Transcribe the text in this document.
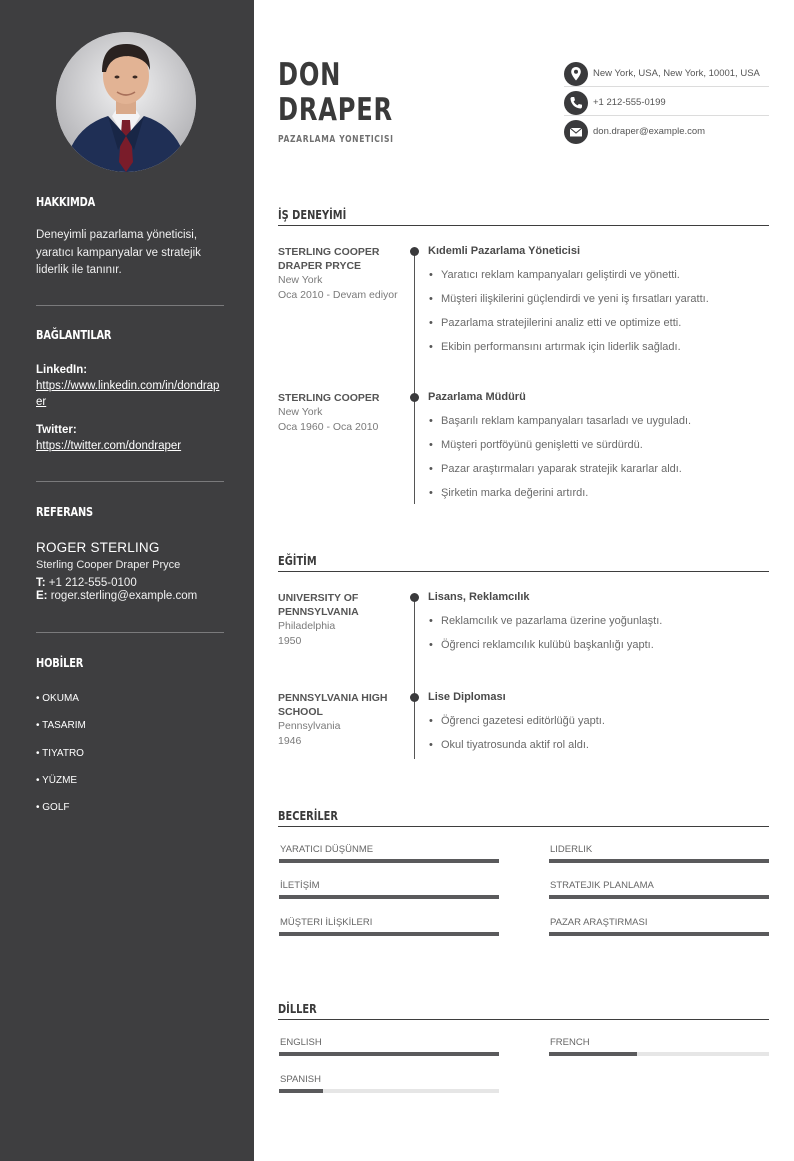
HAKKIMDA
Deneyimli pazarlama yöneticisi, yaratıcı kampanyalar ve stratejik liderlik ile tanınır.
BAĞLANTILAR
LinkedIn:
https://www.linkedin.com/in/dondraper
Twitter:
https://twitter.com/dondraper
REFERANS
ROGER STERLING
Sterling Cooper Draper Pryce
T: +1 212-555-0100
E: roger.sterling@example.com
HOBİLER
• OKUMA
• TASARIM
• TIYATRO
• YÜZME
• GOLF
DON
DRAPER
PAZARLAMA YÖNETICISI
New York, USA, New York, 10001, USA
+1 212-555-0199
don.draper@example.com
İŞ DENEYİMİ
STERLING COOPER DRAPER PRYCE
New York
Oca 2010 - Devam ediyor
Kıdemli Pazarlama Yöneticisi
• Yaratıcı reklam kampanyaları geliştirdi ve yönetti.
• Müşteri ilişkilerini güçlendirdi ve yeni iş fırsatları yarattı.
• Pazarlama stratejilerini analiz etti ve optimize etti.
• Ekibin performansını artırmak için liderlik sağladı.
STERLING COOPER
New York
Oca 1960 - Oca 2010
Pazarlama Müdürü
• Başarılı reklam kampanyaları tasarladı ve uyguladı.
• Müşteri portföyünü genişletti ve sürdürdü.
• Pazar araştırmaları yaparak stratejik kararlar aldı.
• Şirketin marka değerini artırdı.
EĞİTİM
UNIVERSITY OF PENNSYLVANIA
Philadelphia
1950
Lisans, Reklamcılık
• Reklamcılık ve pazarlama üzerine yoğunlaştı.
• Öğrenci reklamcılık kulübü başkanlığı yaptı.
PENNSYLVANIA HIGH SCHOOL
Pennsylvania
1946
Lise Diploması
• Öğrenci gazetesi editörlüğü yaptı.
• Okul tiyatrosunda aktif rol aldı.
BECERİLER
YARATICI DÜŞÜNME	LIDERLIK
İLETİŞİM	STRATEJIK PLANLAMA
MÜŞTERI İLİŞKİLERI	PAZAR ARAŞTIRMASI
DİLLER
ENGLISH	FRENCH
SPANISH
